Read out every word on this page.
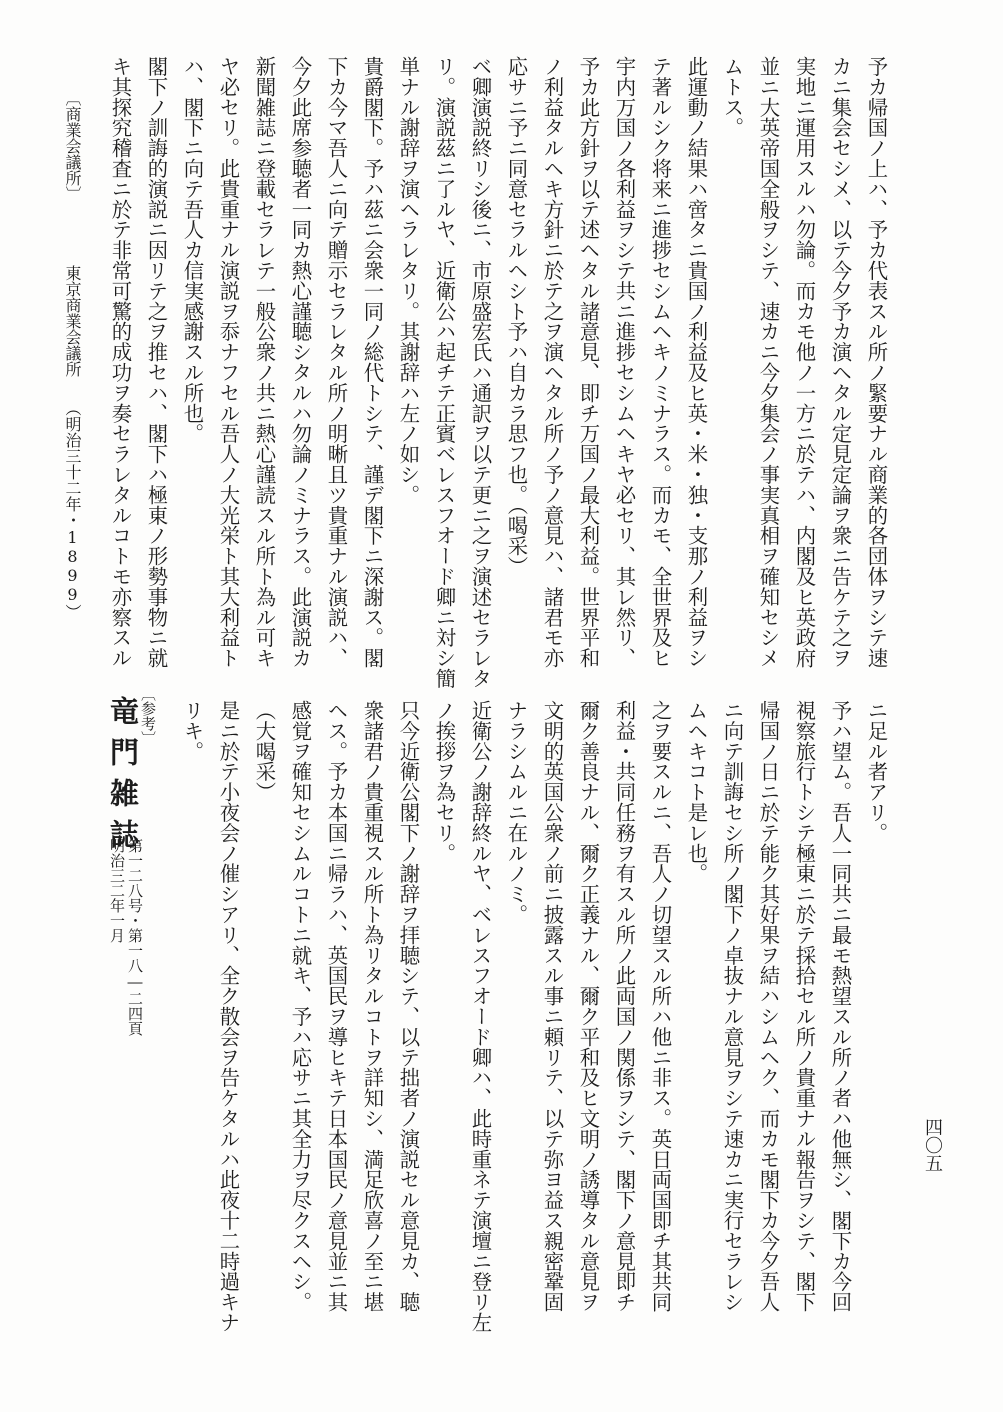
予カ帰国ノ上ハ、予カ代表スル所ノ緊要ナル商業的各団体ヲシテ速
カニ集会セシメ、以テ今夕予カ演ヘタル定見定論ヲ衆ニ告ケテ之ヲ
実地ニ運用スルハ勿論。而カモ他ノ一方ニ於テハ、内閣及ヒ英政府
並ニ大英帝国全般ヲシテ、速カニ今夕集会ノ事実真相ヲ確知セシメ
ムトス。
此運動ノ結果ハ啻タニ貴国ノ利益及ヒ英・米・独・支那ノ利益ヲシ
テ著ルシク将来ニ進捗セシムヘキノミナラス。而カモ、全世界及ヒ
宇内万国ノ各利益ヲシテ共ニ進捗セシムヘキヤ必セリ、其レ然リ、
予カ此方針ヲ以テ述ヘタル諸意見、即チ万国ノ最大利益。世界平和
ノ利益タルヘキ方針ニ於テ之ヲ演ヘタル所ノ予ノ意見ハ、諸君モ亦
応サニ予ニ同意セラルヘシト予ハ自カラ思フ也。（喝采）
ベ卿演説終リシ後ニ、市原盛宏氏ハ通訳ヲ以テ更ニ之ヲ演述セラレタ
リ。演説茲ニ了ルヤ、近衛公ハ起チテ正賓ベレスフオード卿ニ対シ簡
単ナル謝辞ヲ演ヘラレタリ。其謝辞ハ左ノ如シ。
貴爵閣下。予ハ茲ニ会衆一同ノ総代トシテ、謹デ閣下ニ深謝ス。閣
下カ今マ吾人ニ向テ贈示セラレタル所ノ明晰且ツ貴重ナル演説ハ、
今夕此席参聴者一同カ熱心謹聴シタルハ勿論ノミナラス。此演説カ
新聞雑誌ニ登載セラレテ一般公衆ノ共ニ熱心謹読スル所ト為ル可キ
ヤ必セリ。此貴重ナル演説ヲ忝ナフセル吾人ノ大光栄ト其大利益ト
ハ、閣下ニ向テ吾人カ信実感謝スル所也。
閣下ノ訓誨的演説ニ因リテ之ヲ推セハ、閣下ハ極東ノ形勢事物ニ就
キ其探究稽査ニ於テ非常可驚的成功ヲ奏セラレタルコトモ亦察スル
〔商業会議所〕
東京商業会議所
（明治三十二年・1899）
ニ足ル者アリ。
予ハ望ム。吾人一同共ニ最モ熱望スル所ノ者ハ他無シ、閣下カ今回
視察旅行トシテ極東ニ於テ採拾セル所ノ貴重ナル報告ヲシテ、閣下
帰国ノ日ニ於テ能ク其好果ヲ結ハシムヘク、而カモ閣下カ今夕吾人
ニ向テ訓誨セシ所ノ閣下ノ卓抜ナル意見ヲシテ速カニ実行セラレシ
ムヘキコト是レ也。
之ヲ要スルニ、吾人ノ切望スル所ハ他ニ非ス。英日両国即チ其共同
利益・共同任務ヲ有スル所ノ此両国ノ関係ヲシテ、閣下ノ意見即チ
爾ク善良ナル、爾ク正義ナル、爾ク平和及ヒ文明ノ誘導タル意見ヲ
文明的英国公衆ノ前ニ披露スル事ニ頼リテ、以テ弥ヨ益ス親密鞏固
ナラシムルニ在ルノミ。
近衛公ノ謝辞終ルヤ、ベレスフオード卿ハ、此時重ネテ演壇ニ登リ左
ノ挨拶ヲ為セリ。
只今近衛公閣下ノ謝辞ヲ拝聴シテ、以テ拙者ノ演説セル意見カ、聴
衆諸君ノ貴重視スル所ト為リタルコトヲ詳知シ、満足欣喜ノ至ニ堪
ヘス。予カ本国ニ帰ラハ、英国民ヲ導ヒキテ日本国民ノ意見並ニ其
感覚ヲ確知セシムルコトニ就キ、予ハ応サニ其全力ヲ尽クスヘシ。
（大喝采）
是ニ於テ小夜会ノ催シアリ、全ク散会ヲ告ケタルハ此夜十二時過キナ
リキ。
〔参考〕
竜門雑誌
第一二八号・第一八―二四頁
明治三二年一月
四〇五
